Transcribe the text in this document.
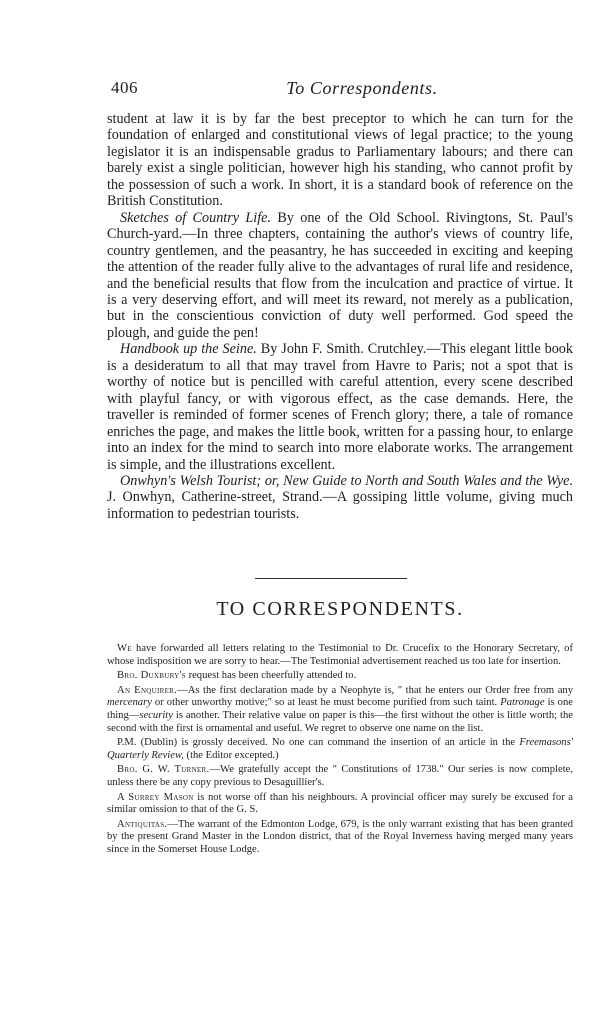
406	To Correspondents.

student at law it is by far the best preceptor to which he can turn for the foundation of enlarged and constitutional views of legal practice; to the young legislator it is an indispensable gradus to Parliamentary labours; and there can barely exist a single politician, however high his standing, who cannot profit by the possession of such a work. In short, it is a standard book of reference on the British Constitution.

Sketches of Country Life. By one of the Old School. Rivingtons, St. Paul's Church-yard.—In three chapters, containing the author's views of country life, country gentlemen, and the peasantry, he has succeeded in exciting and keeping the attention of the reader fully alive to the advantages of rural life and residence, and the beneficial results that flow from the inculcation and practice of virtue. It is a very deserving effort, and will meet its reward, not merely as a publication, but in the conscientious conviction of duty well performed. God speed the plough, and guide the pen!

Handbook up the Seine. By John F. Smith. Crutchley.—This elegant little book is a desideratum to all that may travel from Havre to Paris; not a spot that is worthy of notice but is pencilled with careful attention, every scene described with playful fancy, or with vigorous effect, as the case demands. Here, the traveller is reminded of former scenes of French glory; there, a tale of romance enriches the page, and makes the little book, written for a passing hour, to enlarge into an index for the mind to search into more elaborate works. The arrangement is simple, and the illustrations excellent.

Onwhyn's Welsh Tourist; or, New Guide to North and South Wales and the Wye. J. Onwhyn, Catherine-street, Strand.—A gossiping little volume, giving much information to pedestrian tourists.

TO CORRESPONDENTS.

We have forwarded all letters relating to the Testimonial to Dr. Crucefix to the Honorary Secretary, of whose indisposition we are sorry to hear.—The Testimonial advertisement reached us too late for insertion.

Bro. Duxbury's request has been cheerfully attended to.

An Enquirer.—As the first declaration made by a Neophyte is, " that he enters our Order free from any mercenary or other unworthy motive;" so at least he must become purified from such taint. Patronage is one thing—security is another. Their relative value on paper is this—the first without the other is little worth; the second with the first is ornamental and useful. We regret to observe one name on the list.

P.M. (Dublin) is grossly deceived. No one can command the insertion of an article in the Freemasons' Quarterly Review, (the Editor excepted.)

Bro. G. W. Turner.—We gratefully accept the " Constitutions of 1738." Our series is now complete, unless there be any copy previous to Desaguillier's.

A Surrey Mason is not worse off than his neighbours. A provincial officer may surely be excused for a similar omission to that of the G. S.

Antiquitas.—The warrant of the Edmonton Lodge, 679, is the only warrant existing that has been granted by the present Grand Master in the London district, that of the Royal Inverness having merged many years since in the Somerset House Lodge.
